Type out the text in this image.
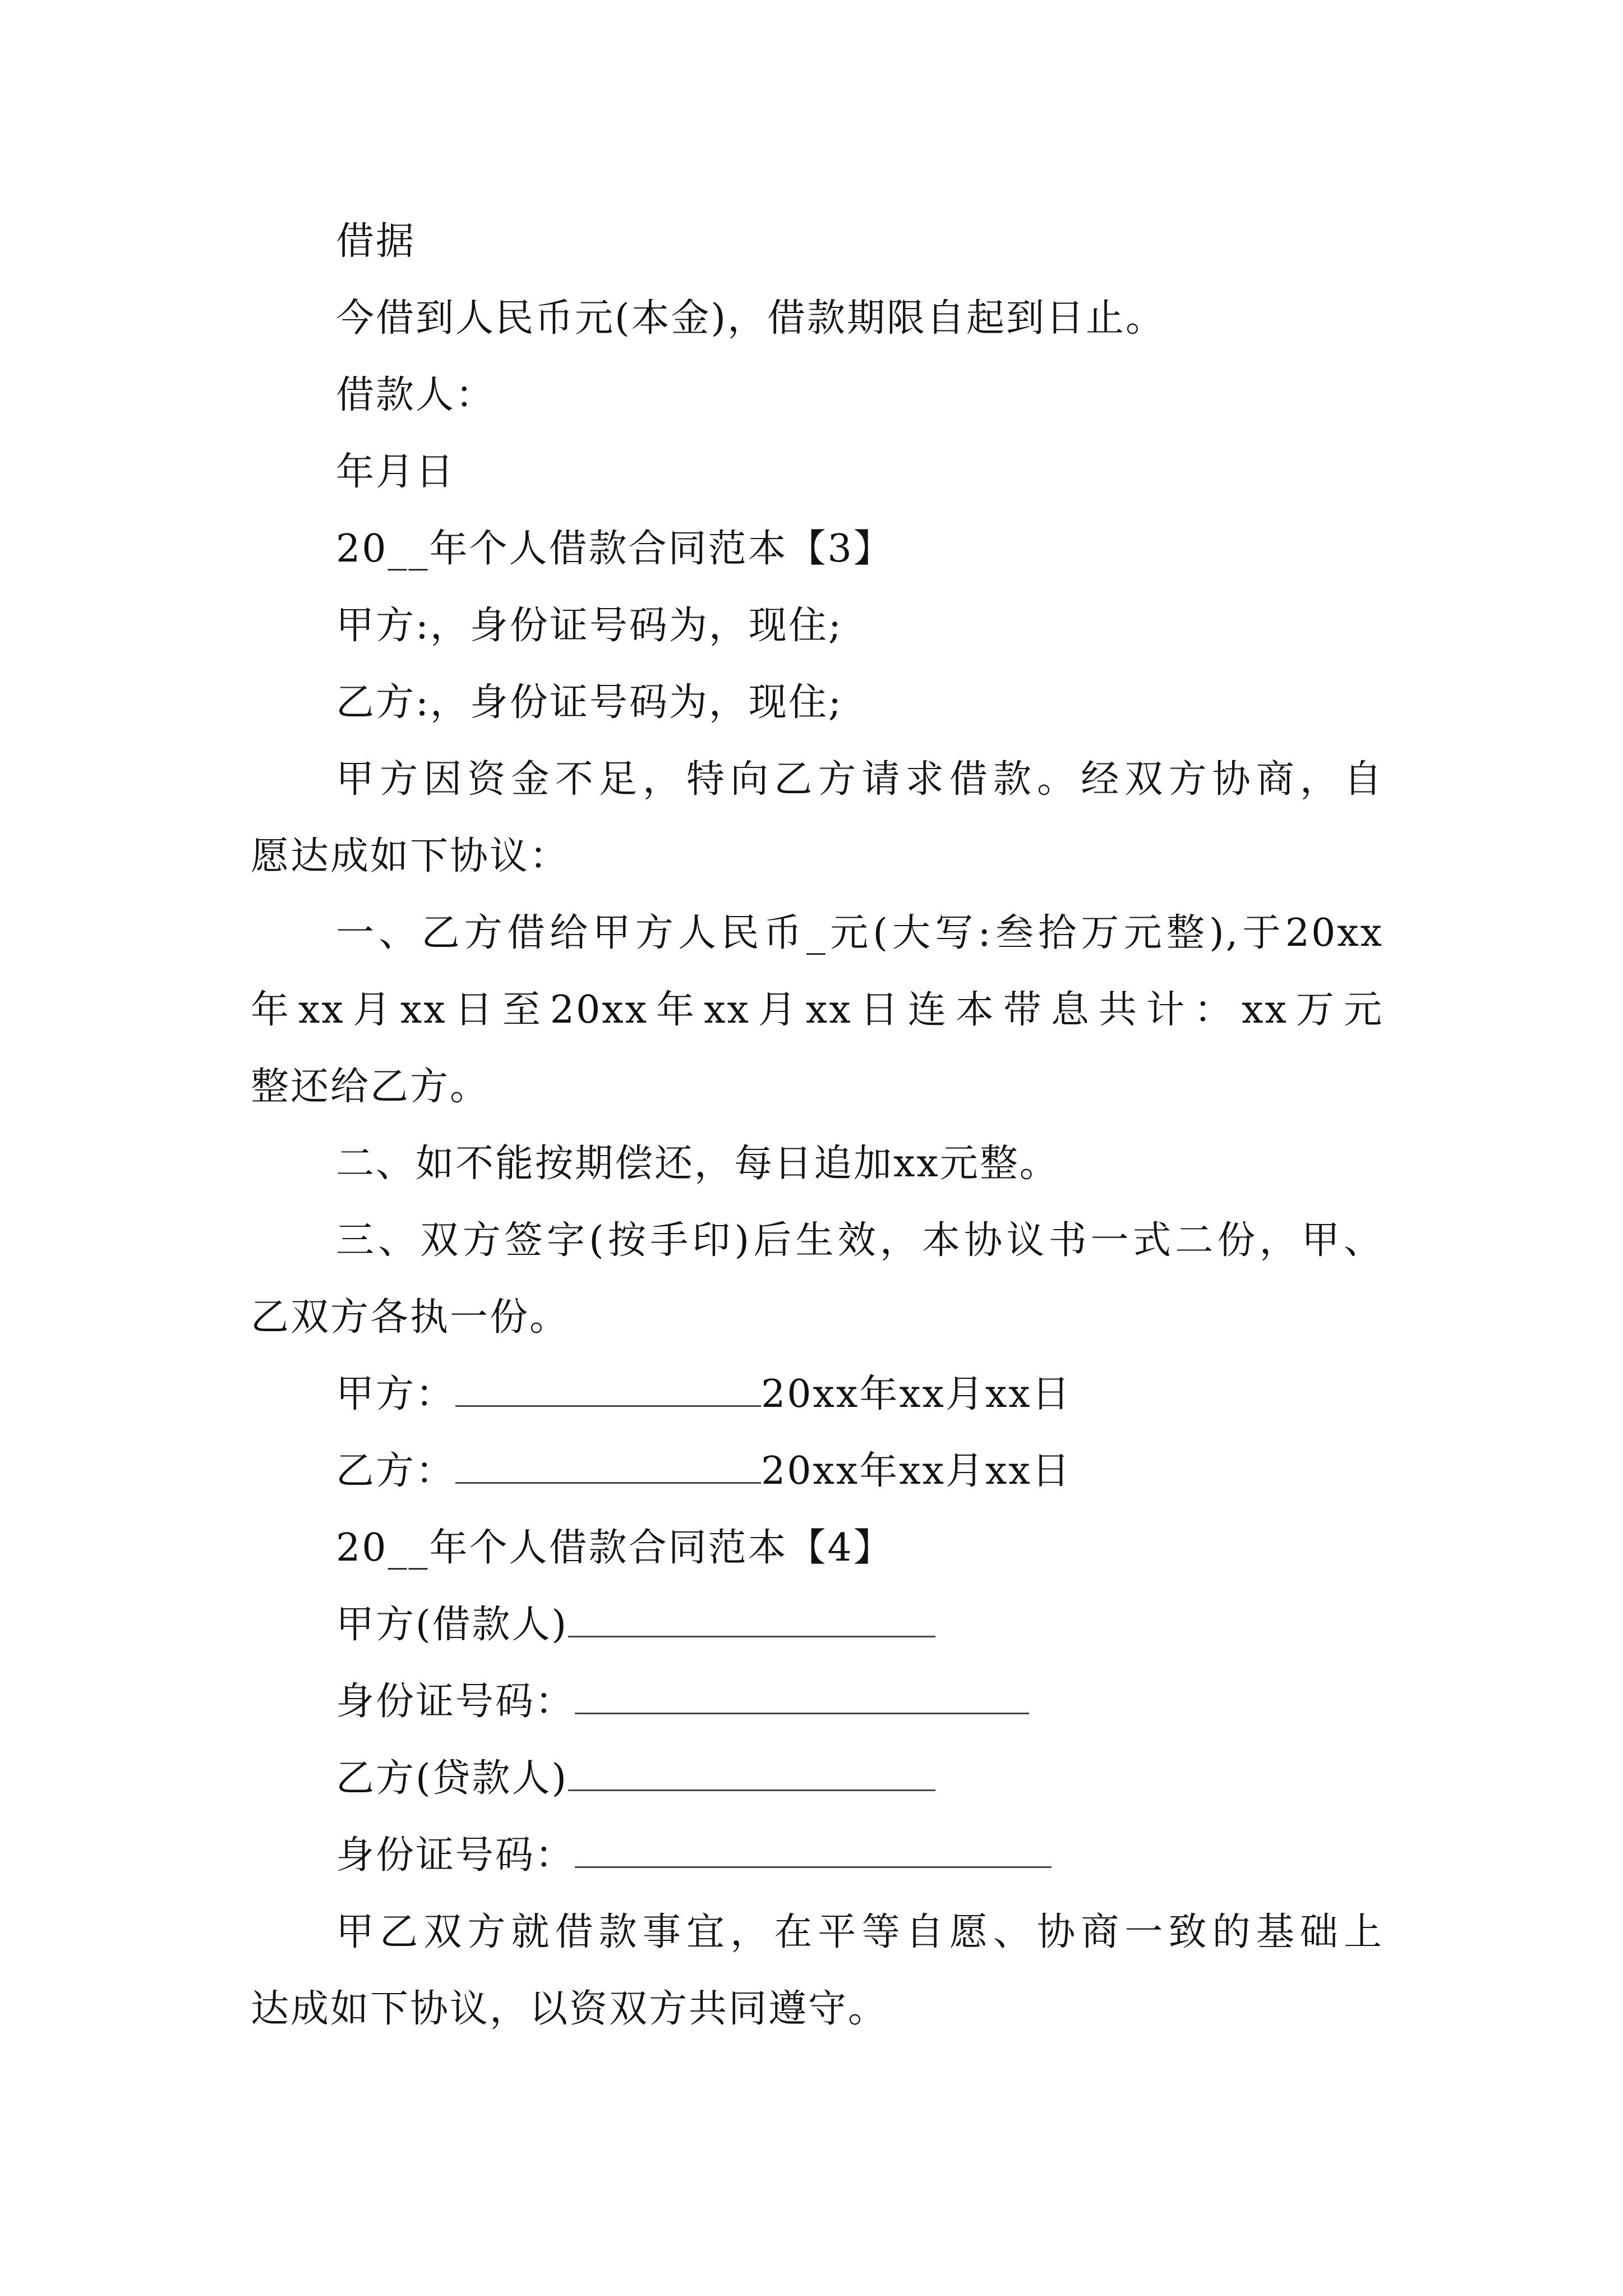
借据
今借到人民币元(本金)，借款期限自起到日止。
借款人：
年月日
20__年个人借款合同范本【3】
甲方:，身份证号码为，现住;
乙方:，身份证号码为，现住;
甲方因资金不足，特向乙方请求借款。经双方协商，自
愿达成如下协议：
一、乙方借给甲方人民币_元(大写:叁拾万元整),于20xx
年xx月xx日至20xx年xx月xx日连本带息共计：xx万元
整还给乙方。
二、如不能按期偿还，每日追加xx元整。
三、双方签字(按手印)后生效，本协议书一式二份，甲、
乙双方各执一份。
甲方：	20xx年xx月xx日
乙方：	20xx年xx月xx日
20__年个人借款合同范本【4】
甲方(借款人)
身份证号码：
乙方(贷款人)
身份证号码：
甲乙双方就借款事宜，在平等自愿、协商一致的基础上
达成如下协议，以资双方共同遵守。
